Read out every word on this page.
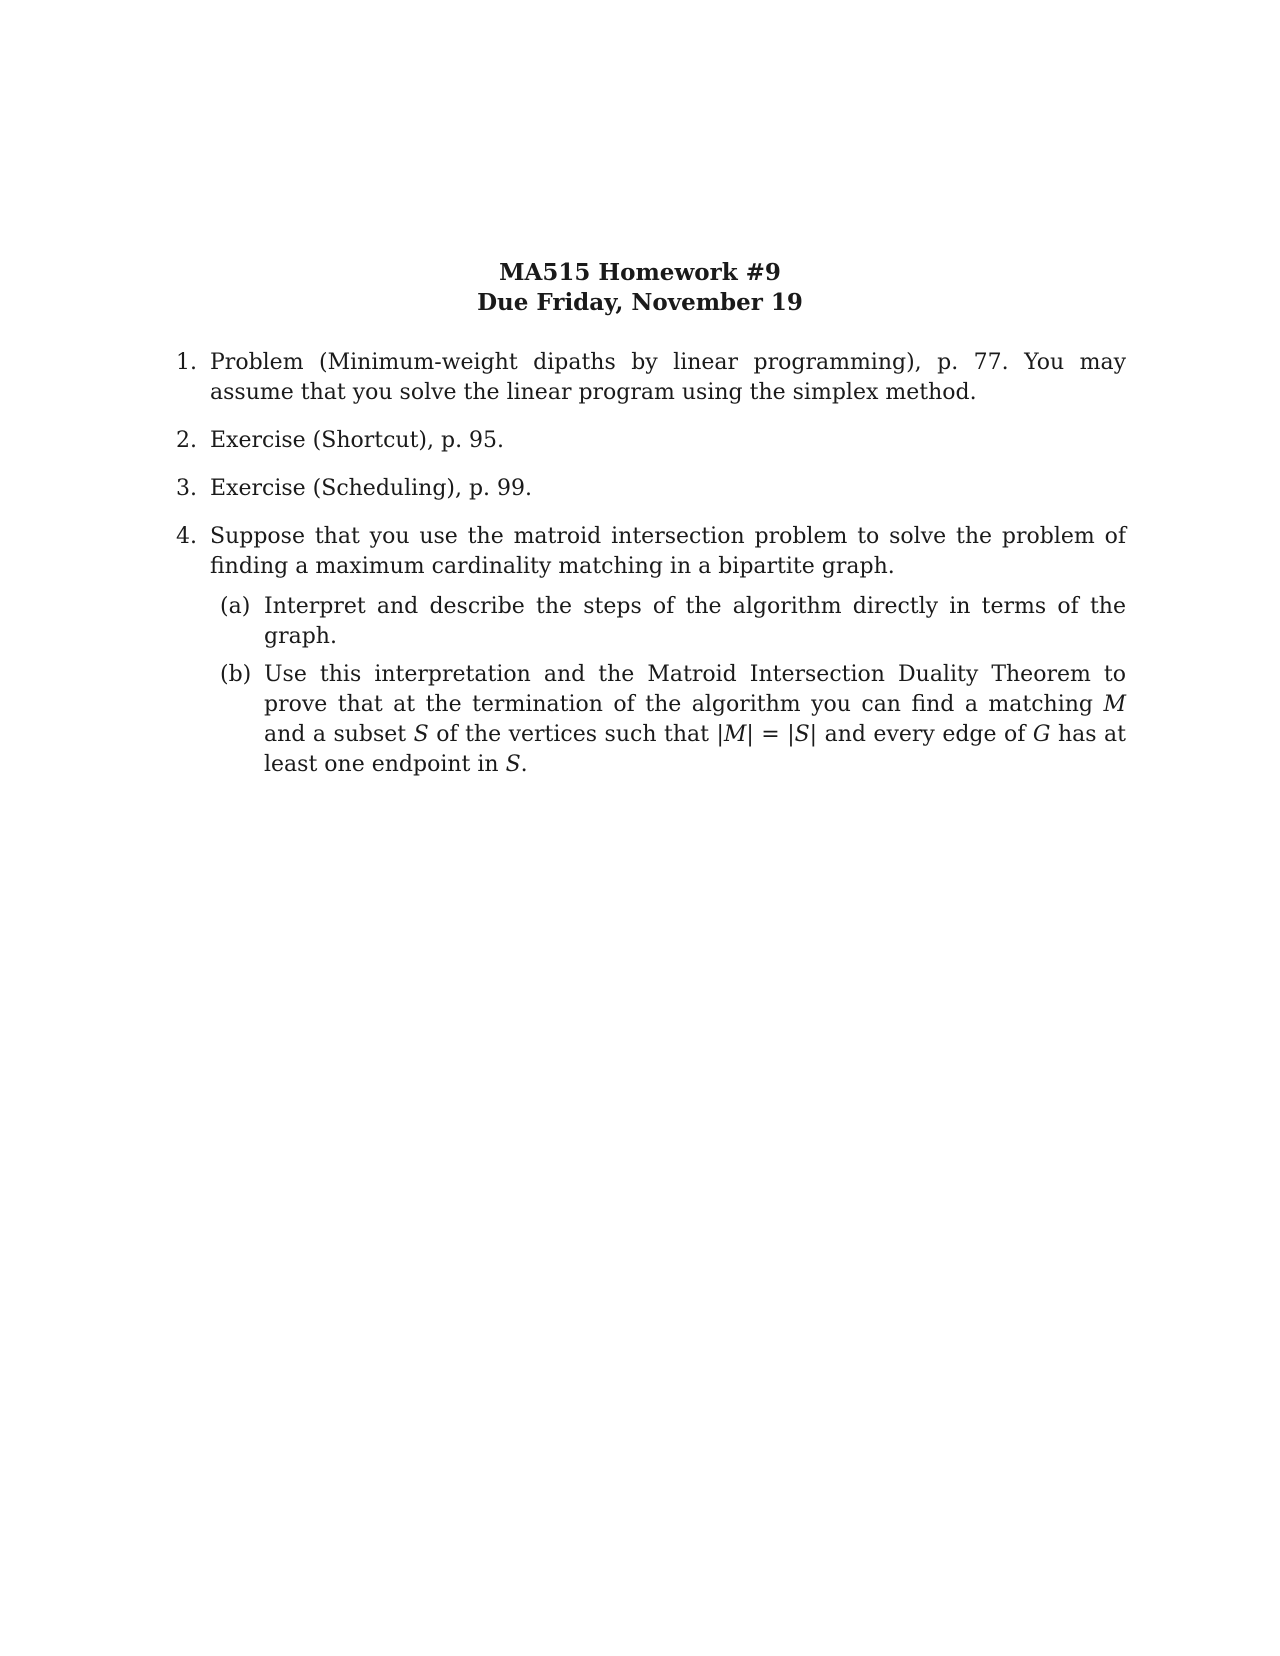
MA515 Homework #9
Due Friday, November 19
1. Problem (Minimum-weight dipaths by linear programming), p. 77. You may assume that you solve the linear program using the simplex method.
2. Exercise (Shortcut), p. 95.
3. Exercise (Scheduling), p. 99.
4. Suppose that you use the matroid intersection problem to solve the problem of finding a maximum cardinality matching in a bipartite graph.
(a) Interpret and describe the steps of the algorithm directly in terms of the graph.
(b) Use this interpretation and the Matroid Intersection Duality Theorem to prove that at the termination of the algorithm you can find a matching M and a subset S of the vertices such that |M| = |S| and every edge of G has at least one endpoint in S.
